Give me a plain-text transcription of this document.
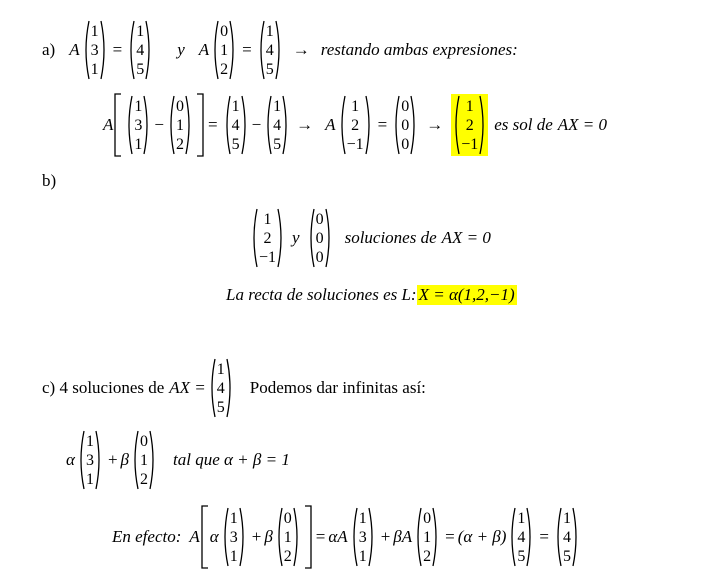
a) A
1
3
1
=
1
4
5
y A
0
1
2
=
1
4
5
→ restando ambas expresiones:
A
1
3
1
−
0
1
2
=
1
4
5
−
1
4
5
→ A
1
2
−1
=
0
0
0
→
1
2
−1
es sol de AX = 0
b)
1
2
−1
y
0
0
0
soluciones de AX = 0
La recta de soluciones es L: X = α(1,2,−1)
c) 4 soluciones de AX =
1
4
5
Podemos dar infinitas así:
α
1
3
1
+ β
0
1
2
tal que α + β = 1
En efecto: A α
1
3
1
+ β
0
1
2
= αA
1
3
1
+ βA
0
1
2
= (α + β)
1
4
5
=
1
4
5
